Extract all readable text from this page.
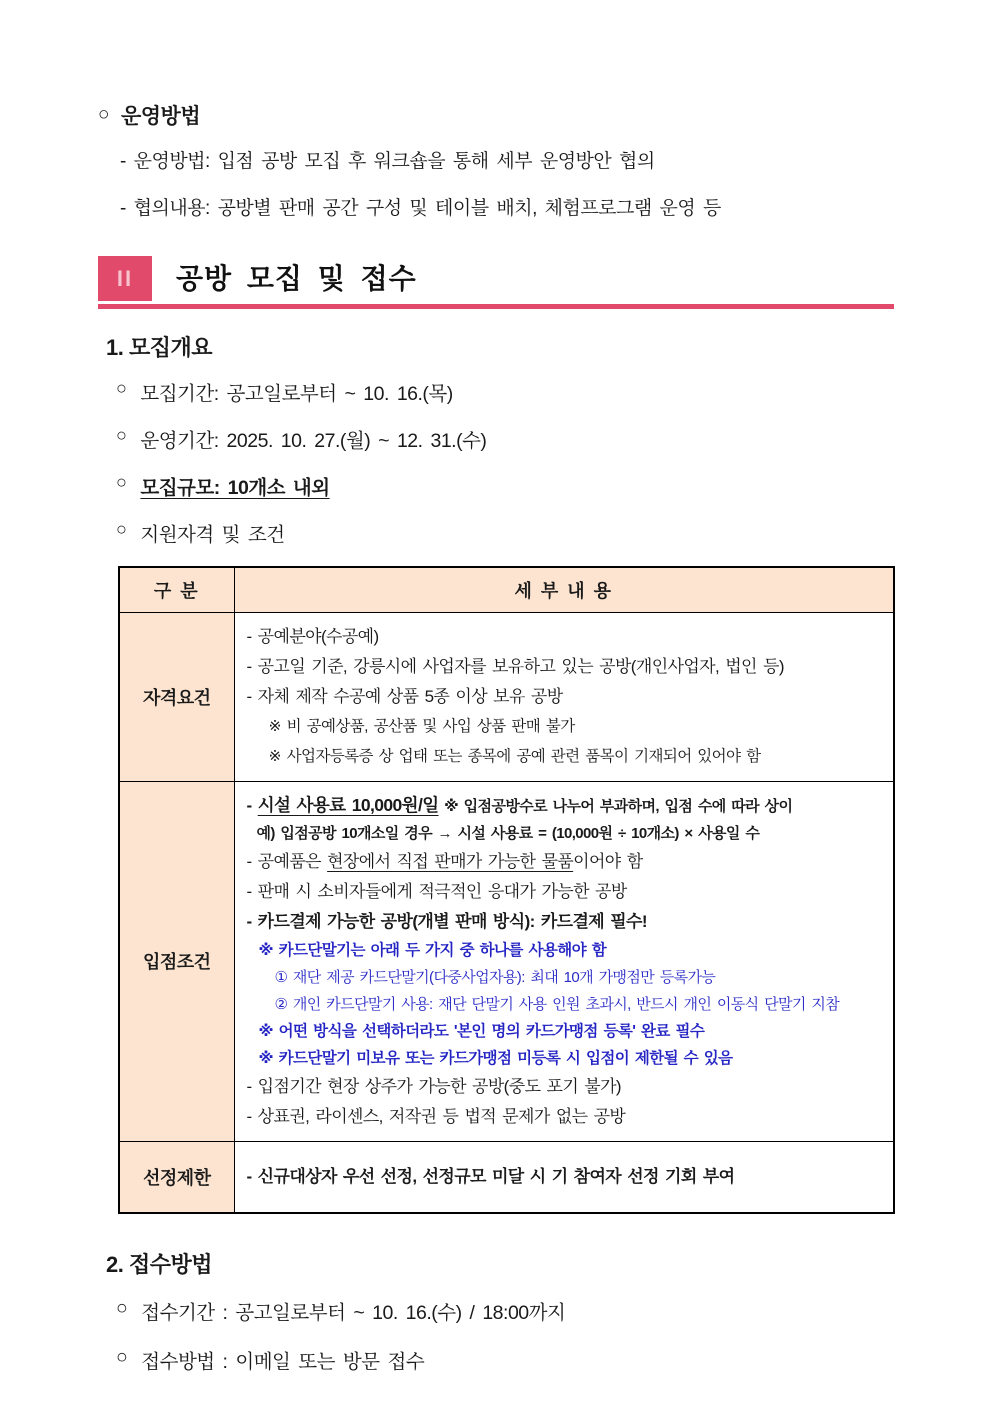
○ 운영방법
- 운영방법: 입점 공방 모집 후 워크숍을 통해 세부 운영방안 협의
- 협의내용: 공방별 판매 공간 구성 및 테이블 배치, 체험프로그램 운영 등
II	공방 모집 및 접수
1. 모집개요
○ 모집기간: 공고일로부터 ~ 10. 16.(목)
○ 운영기간: 2025. 10. 27.(월) ~ 12. 31.(수)
○ 모집규모: 10개소 내외
○ 지원자격 및 조건
구 분	세 부 내 용
자격요건	- 공예분야(수공예)
- 공고일 기준, 강릉시에 사업자를 보유하고 있는 공방(개인사업자, 법인 등)
- 자체 제작 수공예 상품 5종 이상 보유 공방
※ 비 공예상품, 공산품 및 사입 상품 판매 불가
※ 사업자등록증 상 업태 또는 종목에 공예 관련 품목이 기재되어 있어야 함

입점조건	
- 시설 사용료 10,000원/일 ※ 입점공방수로 나누어 부과하며, 입점 수에 따라 상이
예) 입점공방 10개소일 경우 → 시설 사용료 = (10,000원 ÷ 10개소) × 사용일 수
- 공예품은 현장에서 직접 판매가 가능한 물품이어야 함
- 판매 시 소비자들에게 적극적인 응대가 가능한 공방
- 카드결제 가능한 공방(개별 판매 방식): 카드결제 필수!
※ 카드단말기는 아래 두 가지 중 하나를 사용해야 함
① 재단 제공 카드단말기(다중사업자용): 최대 10개 가맹점만 등록가능
② 개인 카드단말기 사용: 재단 단말기 사용 인원 초과시, 반드시 개인 이동식 단말기 지참
※ 어떤 방식을 선택하더라도 '본인 명의 카드가맹점 등록' 완료 필수
※ 카드단말기 미보유 또는 카드가맹점 미등록 시 입점이 제한될 수 있음
- 입점기간 현장 상주가 가능한 공방(중도 포기 불가)
- 상표권, 라이센스, 저작권 등 법적 문제가 없는 공방

선정제한	- 신규대상자 우선 선정, 선정규모 미달 시 기 참여자 선정 기회 부여
2. 접수방법
○ 접수기간 : 공고일로부터 ~ 10. 16.(수) / 18:00까지
○ 접수방법 : 이메일 또는 방문 접수
